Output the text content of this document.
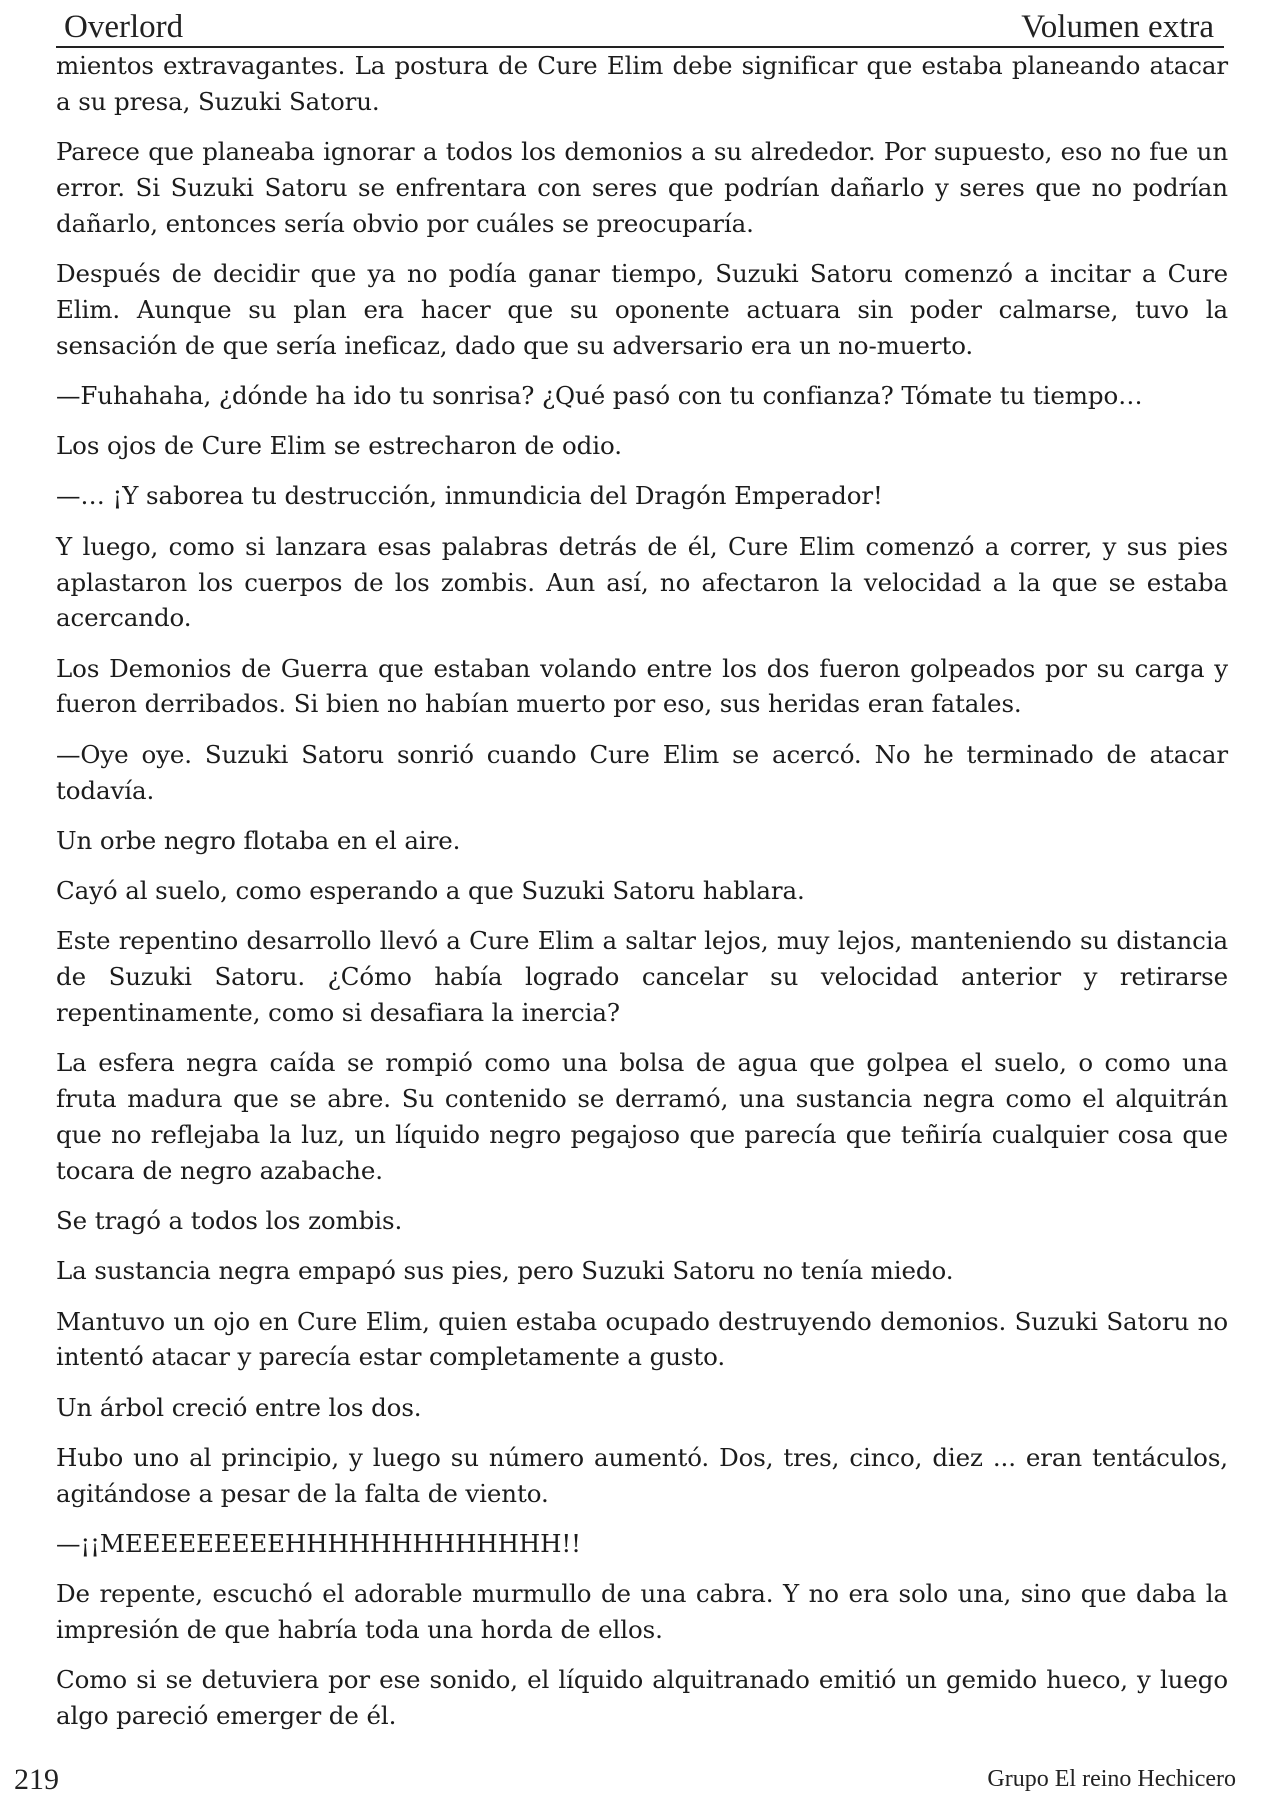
Overlord	Volumen extra

mientos extravagantes. La postura de Cure Elim debe significar que estaba planeando atacar a su presa, Suzuki Satoru.

Parece que planeaba ignorar a todos los demonios a su alrededor. Por supuesto, eso no fue un error. Si Suzuki Satoru se enfrentara con seres que podrían dañarlo y seres que no podrían dañarlo, entonces sería obvio por cuáles se preocuparía.

Después de decidir que ya no podía ganar tiempo, Suzuki Satoru comenzó a incitar a Cure Elim. Aunque su plan era hacer que su oponente actuara sin poder calmarse, tuvo la sensación de que sería ineficaz, dado que su adversario era un no-muerto.

—Fuhahaha, ¿dónde ha ido tu sonrisa? ¿Qué pasó con tu confianza? Tómate tu tiempo…

Los ojos de Cure Elim se estrecharon de odio.

—… ¡Y saborea tu destrucción, inmundicia del Dragón Emperador!

Y luego, como si lanzara esas palabras detrás de él, Cure Elim comenzó a correr, y sus pies aplastaron los cuerpos de los zombis. Aun así, no afectaron la velocidad a la que se estaba acercando.

Los Demonios de Guerra que estaban volando entre los dos fueron golpeados por su carga y fueron derribados. Si bien no habían muerto por eso, sus heridas eran fatales.

—Oye oye. Suzuki Satoru sonrió cuando Cure Elim se acercó. No he terminado de atacar todavía.

Un orbe negro flotaba en el aire.

Cayó al suelo, como esperando a que Suzuki Satoru hablara.

Este repentino desarrollo llevó a Cure Elim a saltar lejos, muy lejos, manteniendo su distancia de Suzuki Satoru. ¿Cómo había logrado cancelar su velocidad anterior y retirarse repentinamente, como si desafiara la inercia?

La esfera negra caída se rompió como una bolsa de agua que golpea el suelo, o como una fruta madura que se abre. Su contenido se derramó, una sustancia negra como el alquitrán que no reflejaba la luz, un líquido negro pegajoso que parecía que teñiría cualquier cosa que tocara de negro azabache.

Se tragó a todos los zombis.

La sustancia negra empapó sus pies, pero Suzuki Satoru no tenía miedo.

Mantuvo un ojo en Cure Elim, quien estaba ocupado destruyendo demonios. Suzuki Satoru no intentó atacar y parecía estar completamente a gusto.

Un árbol creció entre los dos.

Hubo uno al principio, y luego su número aumentó. Dos, tres, cinco, diez ... eran tentáculos, agitándose a pesar de la falta de viento.

—¡¡MEEEEEEEEEHHHHHHHHHHHHH!!

De repente, escuchó el adorable murmullo de una cabra. Y no era solo una, sino que daba la impresión de que habría toda una horda de ellos.

Como si se detuviera por ese sonido, el líquido alquitranado emitió un gemido hueco, y luego algo pareció emerger de él.

219	Grupo El reino Hechicero
